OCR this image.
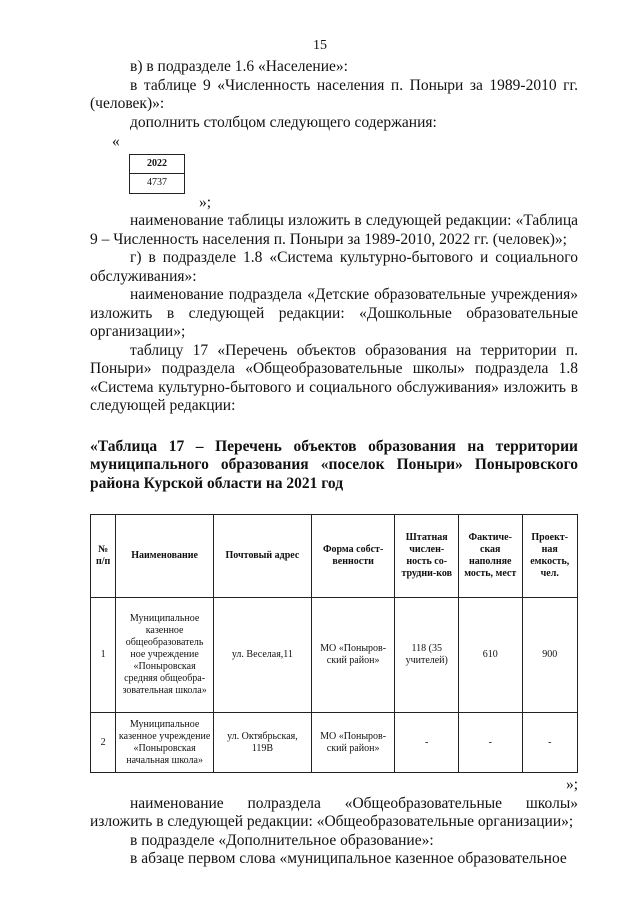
15

в) в подразделе 1.6 «Население»:

в таблице 9 «Численность населения п. Поныри за 1989-2010 гг. (человек)»:

дополнить столбцом следующего содержания:

«
2022
4737
»;

наименование таблицы изложить в следующей редакции: «Таблица 9 – Численность населения п. Поныри за 1989-2010, 2022 гг. (человек)»;

г) в подразделе 1.8 «Система культурно-бытового и социального обслуживания»:

наименование подраздела «Детские образовательные учреждения» изложить в следующей редакции: «Дошкольные образовательные организации»;

таблицу 17 «Перечень объектов образования на территории п. Поныри» подраздела «Общеобразовательные школы» подраздела 1.8 «Система культурно-бытового и социального обслуживания» изложить в следующей редакции:

«Таблица 17 – Перечень объектов образования на территории муниципального образования «поселок Поныри» Поныровского района Курской области на 2021 год

№ п/п	Наименование	Почтовый адрес	Форма собст-венности	Штатная числен-ность со-трудни-ков	Фактиче-ская наполняе мость, мест	Проект-ная емкость, чел.
1	Муниципальное казенное общеобразователь ное учреждение «Поныровская средняя общеобра-зовательная школа»	ул. Веселая,11	МО «Поныров-ский район»	118 (35 учителей)	610	900
2	Муниципальное казенное учреждение «Поныровская начальная школа»	ул. Октябрьская, 119В	МО «Поныров-ский район»	-	-	-
»;

наименование полраздела «Общеобразовательные школы» изложить в следующей редакции: «Общеобразовательные организации»;

в подразделе «Дополнительное образование»:

в абзаце первом слова «муниципальное казенное образовательное
